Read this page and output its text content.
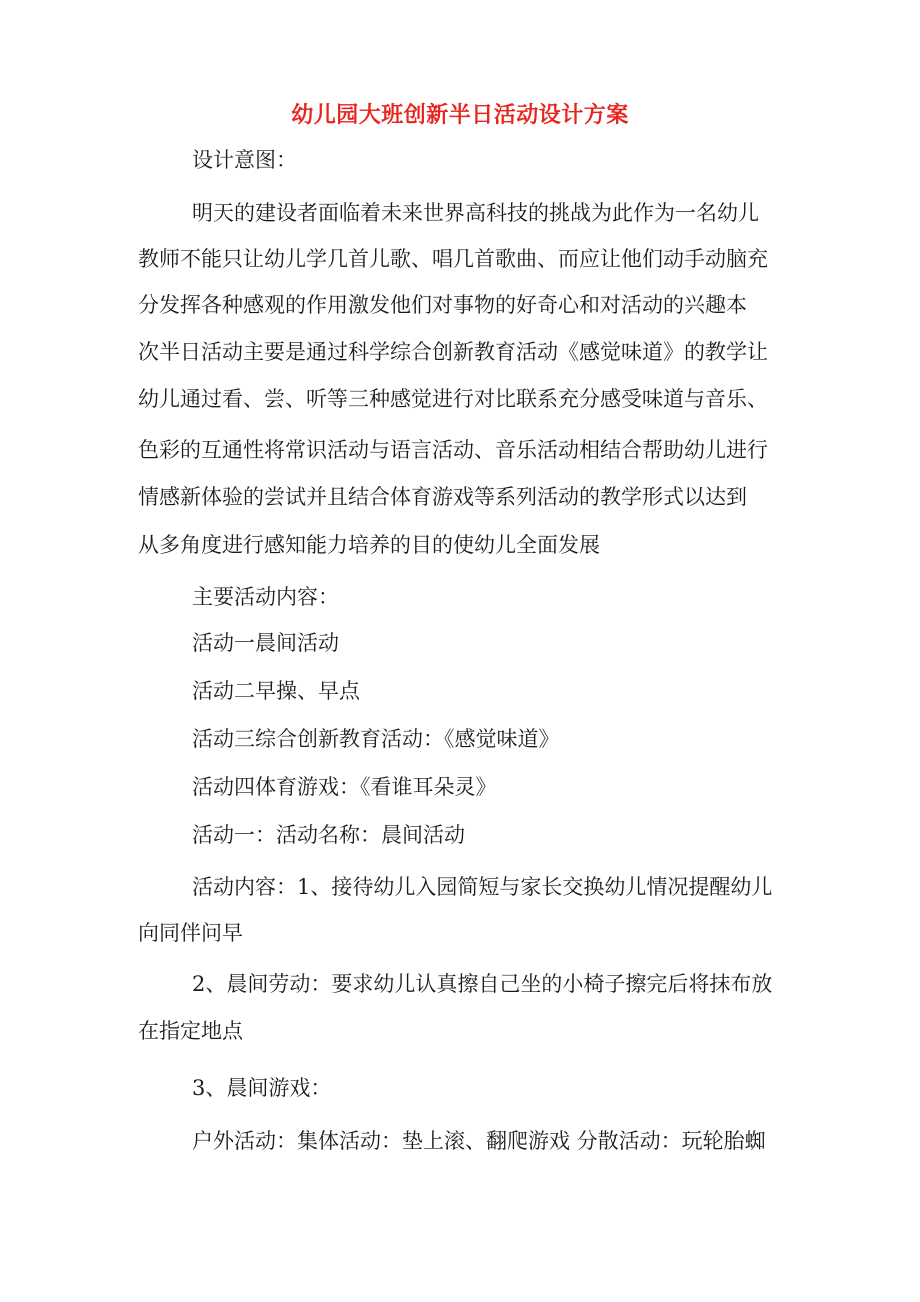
幼儿园大班创新半日活动设计方案
设计意图：
明天的建设者面临着未来世界高科技的挑战为此作为一名幼儿
教师不能只让幼儿学几首儿歌、唱几首歌曲、而应让他们动手动脑充
分发挥各种感观的作用激发他们对事物的好奇心和对活动的兴趣本
次半日活动主要是通过科学综合创新教育活动《感觉味道》的教学让
幼儿通过看、尝、听等三种感觉进行对比联系充分感受味道与音乐、
色彩的互通性将常识活动与语言活动、音乐活动相结合帮助幼儿进行
情感新体验的尝试并且结合体育游戏等系列活动的教学形式以达到
从多角度进行感知能力培养的目的使幼儿全面发展
主要活动内容：
活动一晨间活动
活动二早操、早点
活动三综合创新教育活动：《感觉味道》
活动四体育游戏：《看谁耳朵灵》
活动一：活动名称：晨间活动
活动内容：1、接待幼儿入园简短与家长交换幼儿情况提醒幼儿
向同伴问早
2、晨间劳动：要求幼儿认真擦自己坐的小椅子擦完后将抹布放
在指定地点
3、晨间游戏：
户外活动：集体活动：垫上滚、翻爬游戏 分散活动：玩轮胎蜘
